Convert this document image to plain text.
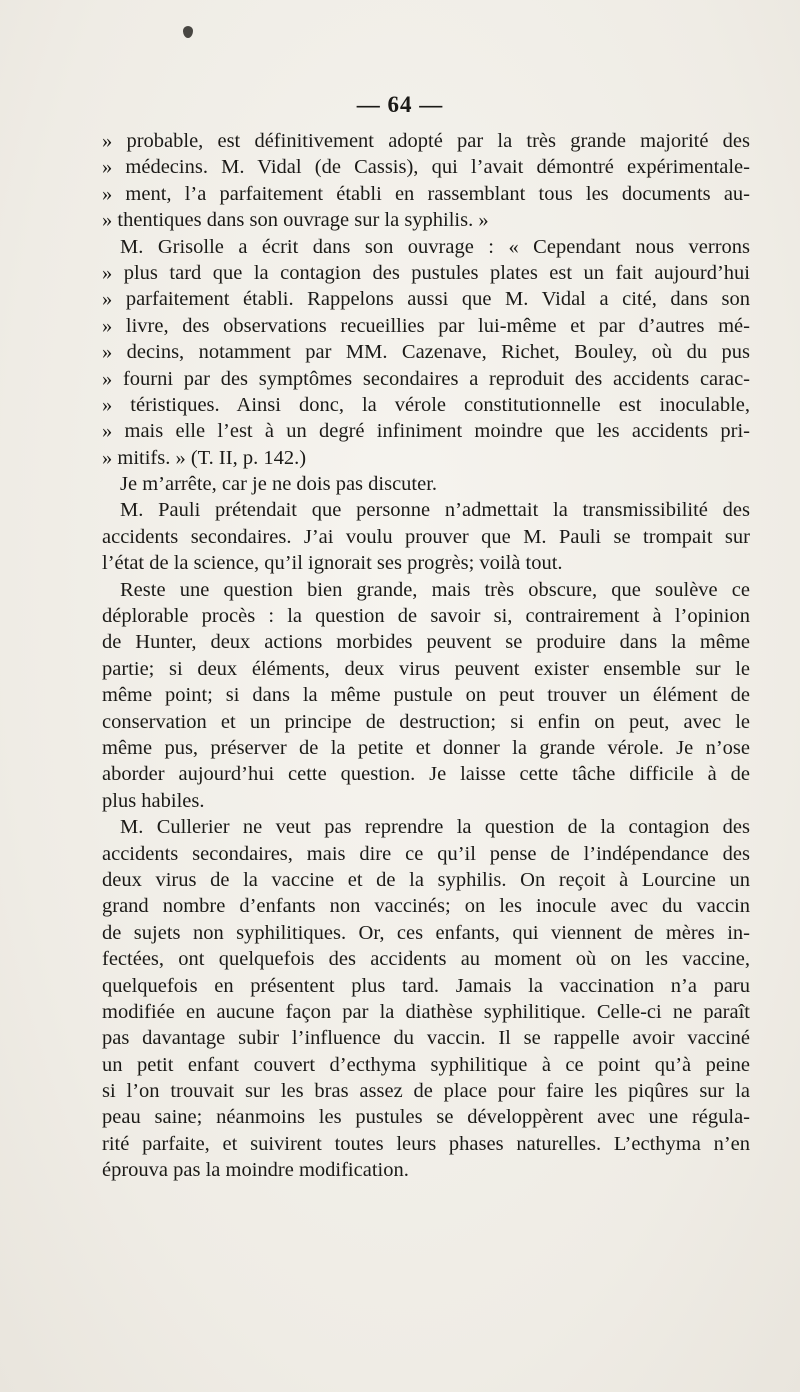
— 64 —
» probable, est définitivement adopté par la très grande majorité des
» médecins. M. Vidal (de Cassis), qui l’avait démontré expérimentale-
» ment, l’a parfaitement établi en rassemblant tous les documents au-
» thentiques dans son ouvrage sur la syphilis. »
M. Grisolle a écrit dans son ouvrage : « Cependant nous verrons
» plus tard que la contagion des pustules plates est un fait aujourd’hui
» parfaitement établi. Rappelons aussi que M. Vidal a cité, dans son
» livre, des observations recueillies par lui-même et par d’autres mé-
» decins, notamment par MM. Cazenave, Richet, Bouley, où du pus
» fourni par des symptômes secondaires a reproduit des accidents carac-
» téristiques. Ainsi donc, la vérole constitutionnelle est inoculable,
» mais elle l’est à un degré infiniment moindre que les accidents pri-
» mitifs. » (T. II, p. 142.)
Je m’arrête, car je ne dois pas discuter.
M. Pauli prétendait que personne n’admettait la transmissibilité des
accidents secondaires. J’ai voulu prouver que M. Pauli se trompait sur
l’état de la science, qu’il ignorait ses progrès; voilà tout.
Reste une question bien grande, mais très obscure, que soulève ce
déplorable procès : la question de savoir si, contrairement à l’opinion
de Hunter, deux actions morbides peuvent se produire dans la même
partie; si deux éléments, deux virus peuvent exister ensemble sur le
même point; si dans la même pustule on peut trouver un élément de
conservation et un principe de destruction; si enfin on peut, avec le
même pus, préserver de la petite et donner la grande vérole. Je n’ose
aborder aujourd’hui cette question. Je laisse cette tâche difficile à de
plus habiles.
M. Cullerier ne veut pas reprendre la question de la contagion des
accidents secondaires, mais dire ce qu’il pense de l’indépendance des
deux virus de la vaccine et de la syphilis. On reçoit à Lourcine un
grand nombre d’enfants non vaccinés; on les inocule avec du vaccin
de sujets non syphilitiques. Or, ces enfants, qui viennent de mères in-
fectées, ont quelquefois des accidents au moment où on les vaccine,
quelquefois en présentent plus tard. Jamais la vaccination n’a paru
modifiée en aucune façon par la diathèse syphilitique. Celle-ci ne paraît
pas davantage subir l’influence du vaccin. Il se rappelle avoir vacciné
un petit enfant couvert d’ecthyma syphilitique à ce point qu’à peine
si l’on trouvait sur les bras assez de place pour faire les piqûres sur la
peau saine; néanmoins les pustules se développèrent avec une régula-
rité parfaite, et suivirent toutes leurs phases naturelles. L’ecthyma n’en
éprouva pas la moindre modification.
